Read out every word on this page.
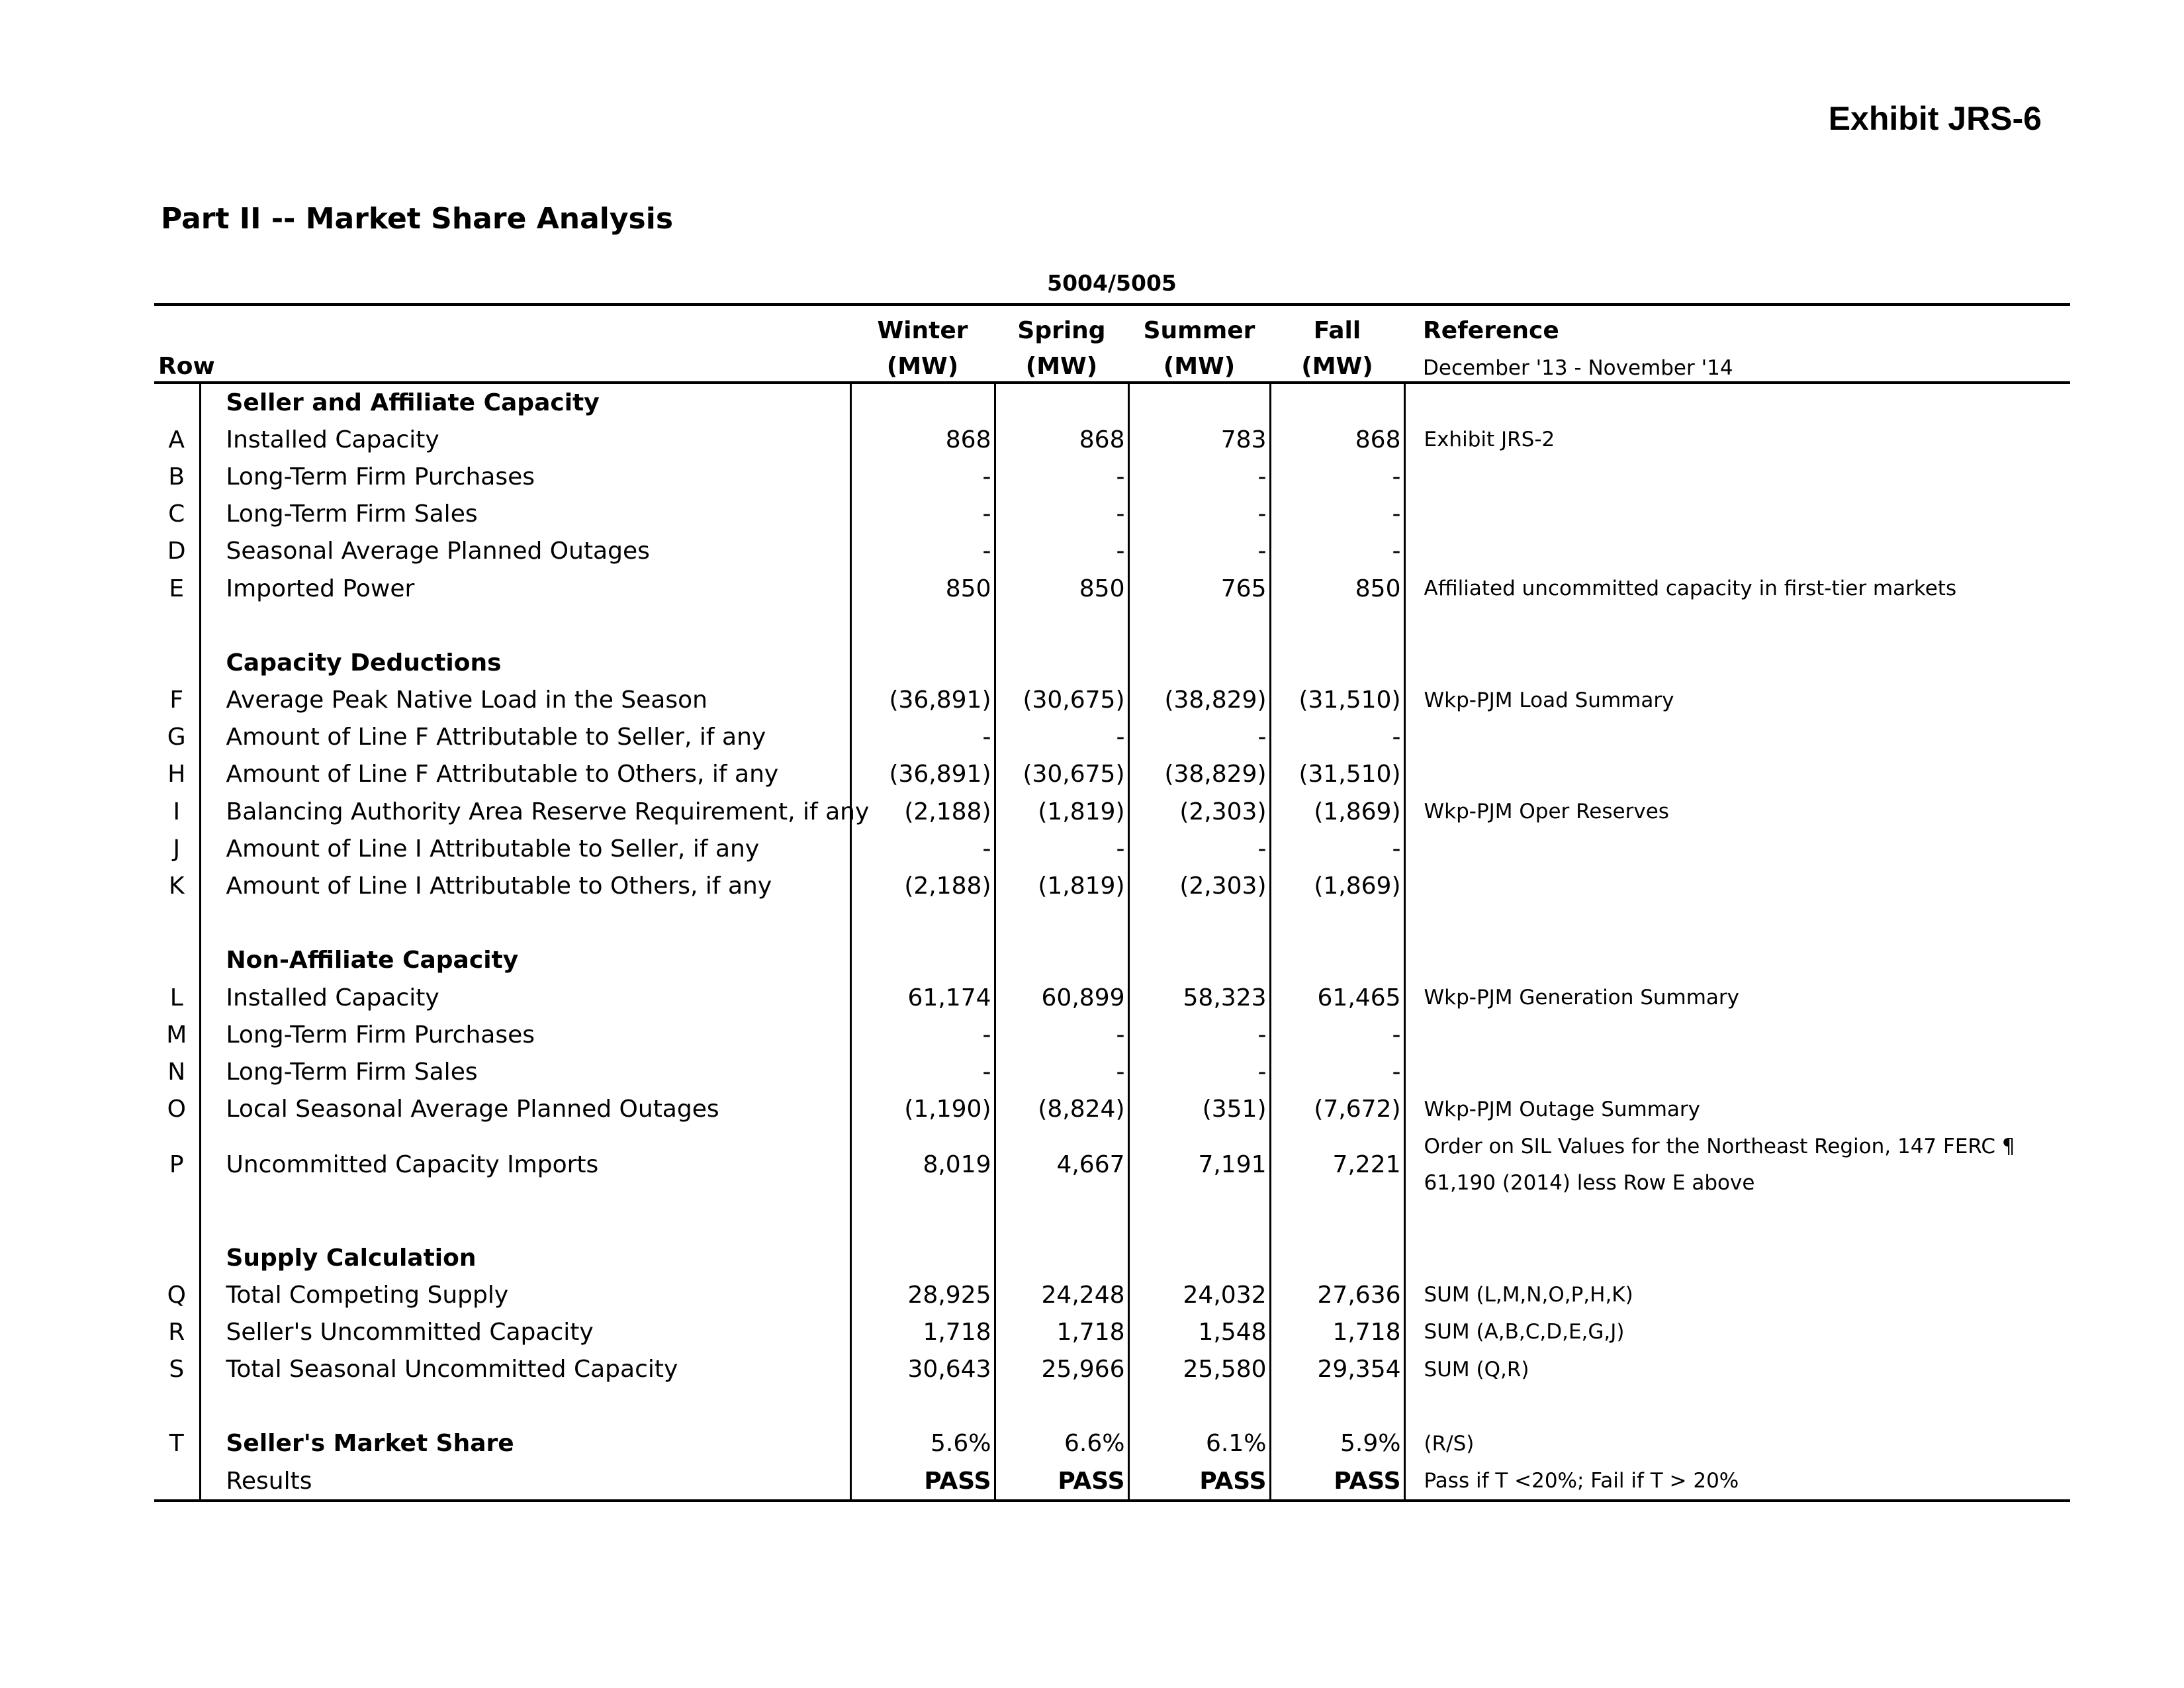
Exhibit JRS-6
Part II -- Market Share Analysis
5004/5005
		Winter	Spring	Summer	Fall	Reference
Row		(MW)	(MW)	(MW)	(MW)	December '13 - November '14
	Seller and Affiliate Capacity					
A	Installed Capacity	868	868	783	868	Exhibit JRS-2
B	Long-Term Firm Purchases	-	-	-	-	
C	Long-Term Firm Sales	-	-	-	-	
D	Seasonal Average Planned Outages	-	-	-	-	
E	Imported Power	850	850	765	850	Affiliated uncommitted capacity in first-tier markets

	Capacity Deductions					
F	Average Peak Native Load in the Season	(36,891)	(30,675)	(38,829)	(31,510)	Wkp-PJM Load Summary
G	Amount of Line F Attributable to Seller, if any	-	-	-	-	
H	Amount of Line F Attributable to Others, if any	(36,891)	(30,675)	(38,829)	(31,510)	
I	Balancing Authority Area Reserve Requirement, if any	(2,188)	(1,819)	(2,303)	(1,869)	Wkp-PJM Oper Reserves
J	Amount of Line I Attributable to Seller, if any	-	-	-	-	
K	Amount of Line I Attributable to Others, if any	(2,188)	(1,819)	(2,303)	(1,869)	

	Non-Affiliate Capacity					
L	Installed Capacity	61,174	60,899	58,323	61,465	Wkp-PJM Generation Summary
M	Long-Term Firm Purchases	-	-	-	-	
N	Long-Term Firm Sales	-	-	-	-	
O	Local Seasonal Average Planned Outages	(1,190)	(8,824)	(351)	(7,672)	Wkp-PJM Outage Summary
P	Uncommitted Capacity Imports	8,019	4,667	7,191	7,221	Order on SIL Values for the Northeast Region, 147 FERC ¶ 61,190 (2014) less Row E above

	Supply Calculation					
Q	Total Competing Supply	28,925	24,248	24,032	27,636	SUM (L,M,N,O,P,H,K)
R	Seller's Uncommitted Capacity	1,718	1,718	1,548	1,718	SUM (A,B,C,D,E,G,J)
S	Total Seasonal Uncommitted Capacity	30,643	25,966	25,580	29,354	SUM (Q,R)

T	Seller's Market Share	5.6%	6.6%	6.1%	5.9%	(R/S)
	Results	PASS	PASS	PASS	PASS	Pass if T <20%; Fail if T > 20%
